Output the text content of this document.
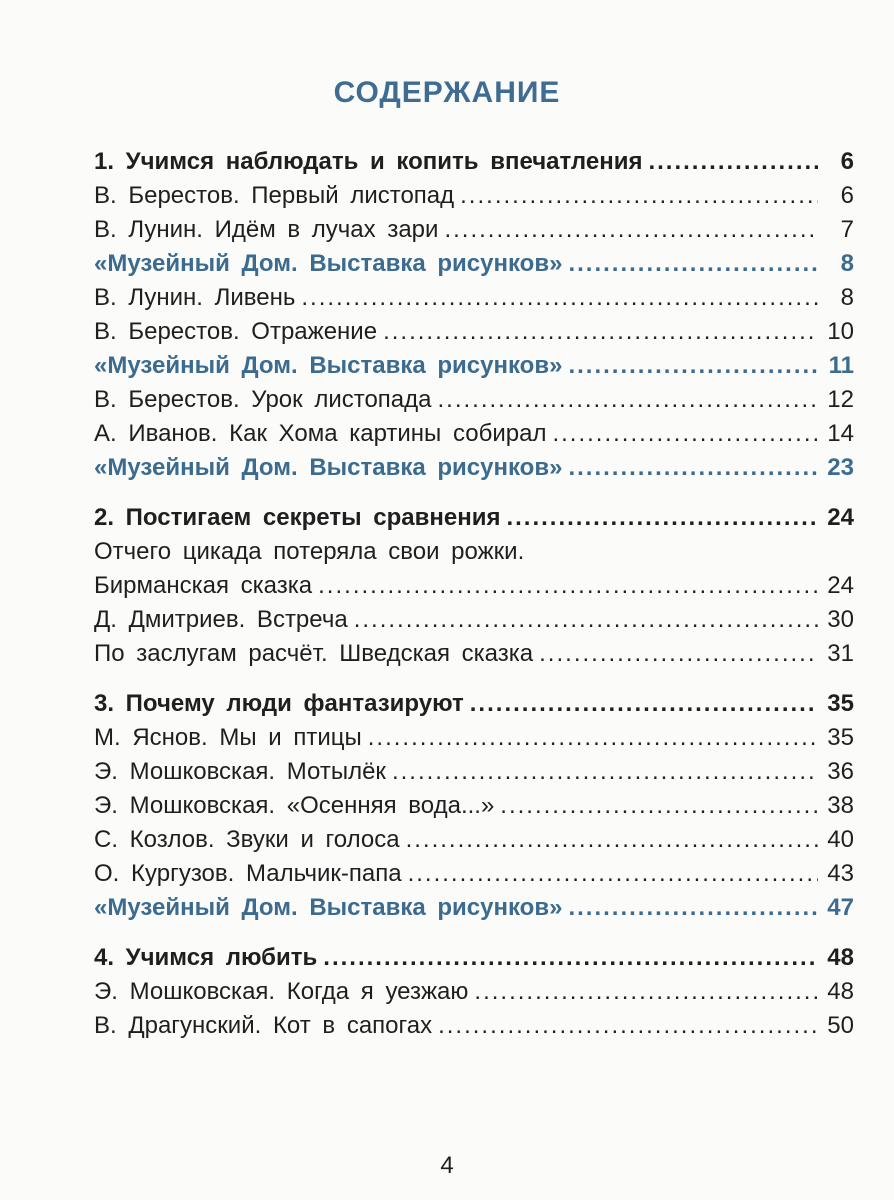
СОДЕРЖАНИЕ
1. Учимся наблюдать и копить впечатления .....	6
В. Берестов. Первый листопад .....	6
В. Лунин. Идём в лучах зари .....	7
«Музейный Дом. Выставка рисунков» .....	8
В. Лунин. Ливень .....	8
В. Берестов. Отражение .....	10
«Музейный Дом. Выставка рисунков» .....	11
В. Берестов. Урок листопада .....	12
А. Иванов. Как Хома картины собирал .....	14
«Музейный Дом. Выставка рисунков» .....	23
2. Постигаем секреты сравнения .....	24
Отчего цикада потеряла свои рожки.
Бирманская сказка .....	24
Д. Дмитриев. Встреча .....	30
По заслугам расчёт. Шведская сказка .....	31
3. Почему люди фантазируют .....	35
М. Яснов. Мы и птицы .....	35
Э. Мошковская. Мотылёк .....	36
Э. Мошковская. «Осенняя вода...» .....	38
С. Козлов. Звуки и голоса .....	40
О. Кургузов. Мальчик-папа .....	43
«Музейный Дом. Выставка рисунков» .....	47
4. Учимся любить .....	48
Э. Мошковская. Когда я уезжаю .....	48
В. Драгунский. Кот в сапогах .....	50
4
